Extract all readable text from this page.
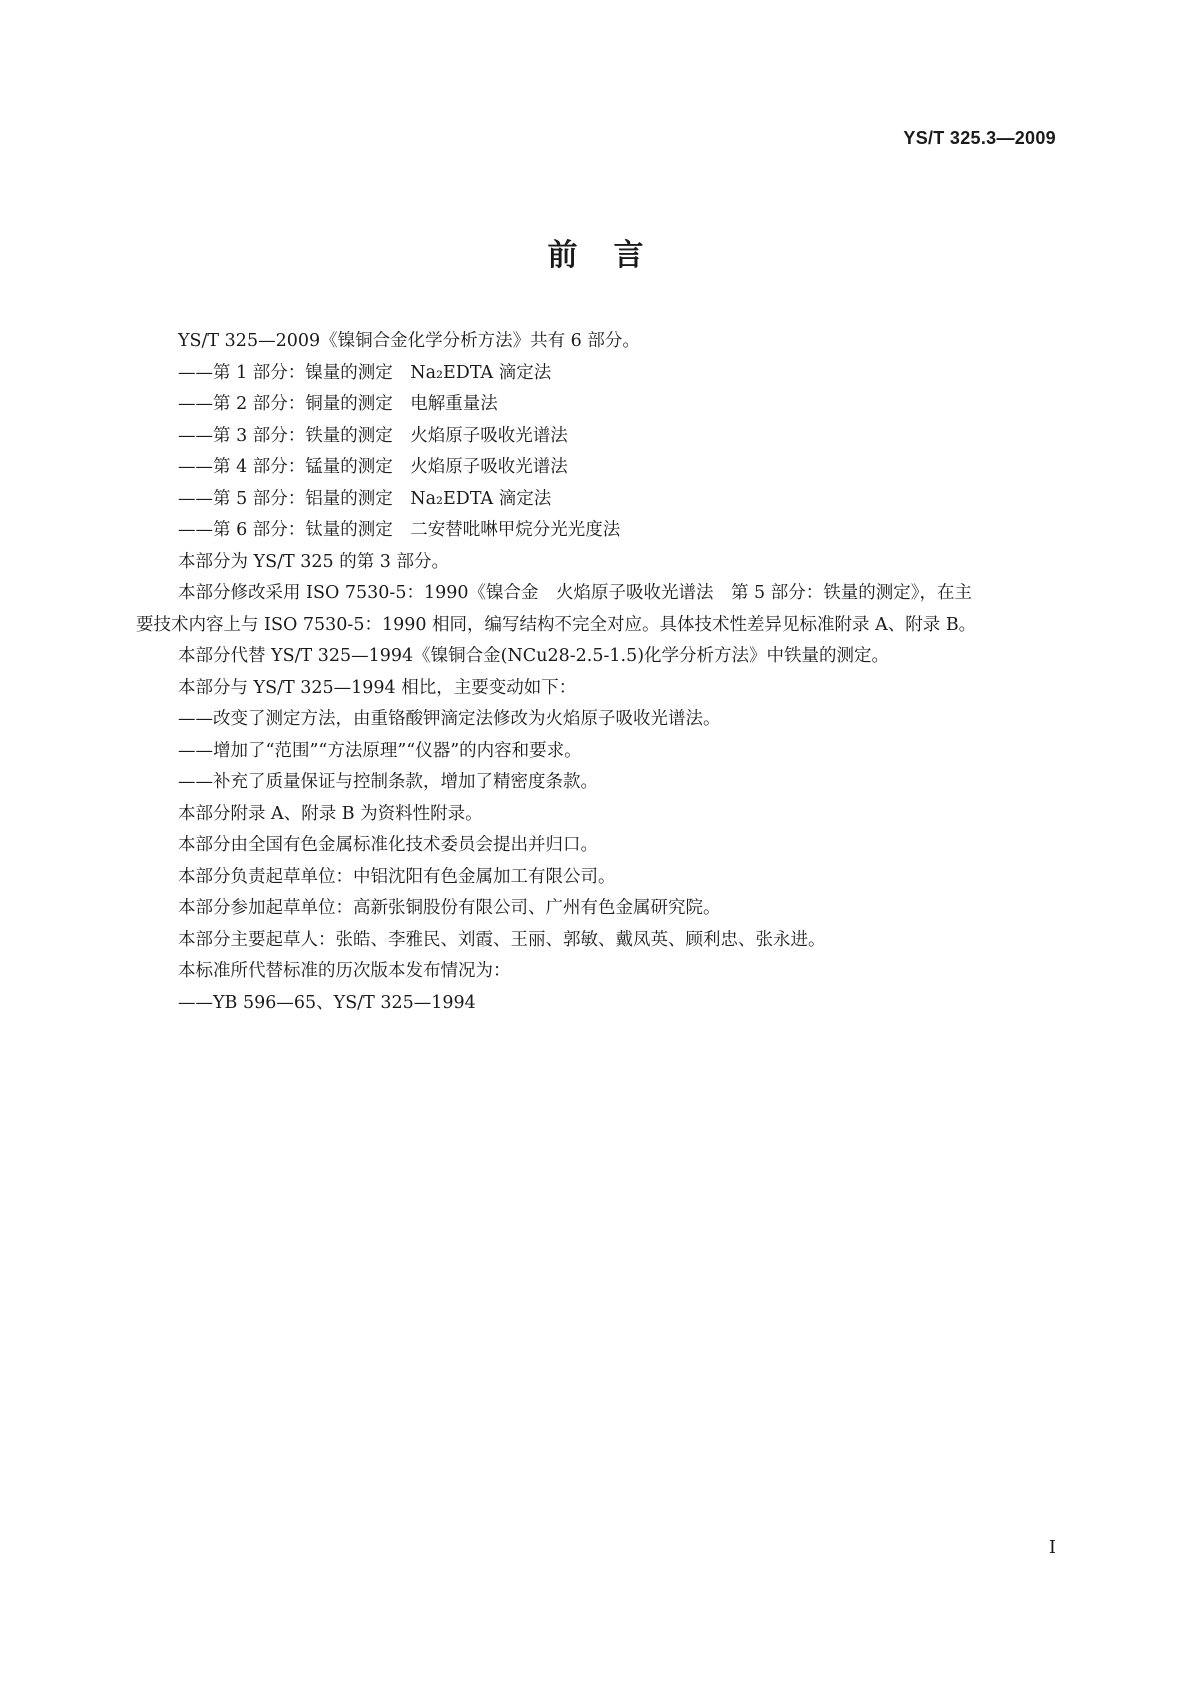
YS/T 325.3—2009
前言

YS/T 325—2009《镍铜合金化学分析方法》共有 6 部分。

——第 1 部分：镍量的测定　Na₂EDTA 滴定法

——第 2 部分：铜量的测定　电解重量法

——第 3 部分：铁量的测定　火焰原子吸收光谱法

——第 4 部分：锰量的测定　火焰原子吸收光谱法

——第 5 部分：铝量的测定　Na₂EDTA 滴定法

——第 6 部分：钛量的测定　二安替吡啉甲烷分光光度法

本部分为 YS/T 325 的第 3 部分。

本部分修改采用 ISO 7530-5：1990《镍合金　火焰原子吸收光谱法　第 5 部分：铁量的测定》，在主

要技术内容上与 ISO 7530-5：1990 相同，编写结构不完全对应。具体技术性差异见标准附录 A、附录 B。

本部分代替 YS/T 325—1994《镍铜合金(NCu28-2.5-1.5)化学分析方法》中铁量的测定。

本部分与 YS/T 325—1994 相比，主要变动如下：

——改变了测定方法，由重铬酸钾滴定法修改为火焰原子吸收光谱法。

——增加了“范围”“方法原理”“仪器”的内容和要求。

——补充了质量保证与控制条款，增加了精密度条款。

本部分附录 A、附录 B 为资料性附录。

本部分由全国有色金属标准化技术委员会提出并归口。

本部分负责起草单位：中铝沈阳有色金属加工有限公司。

本部分参加起草单位：高新张铜股份有限公司、广州有色金属研究院。

本部分主要起草人：张皓、李雅民、刘霞、王丽、郭敏、戴凤英、顾利忠、张永进。

本标准所代替标准的历次版本发布情况为：

——YB 596—65、YS/T 325—1994

I
